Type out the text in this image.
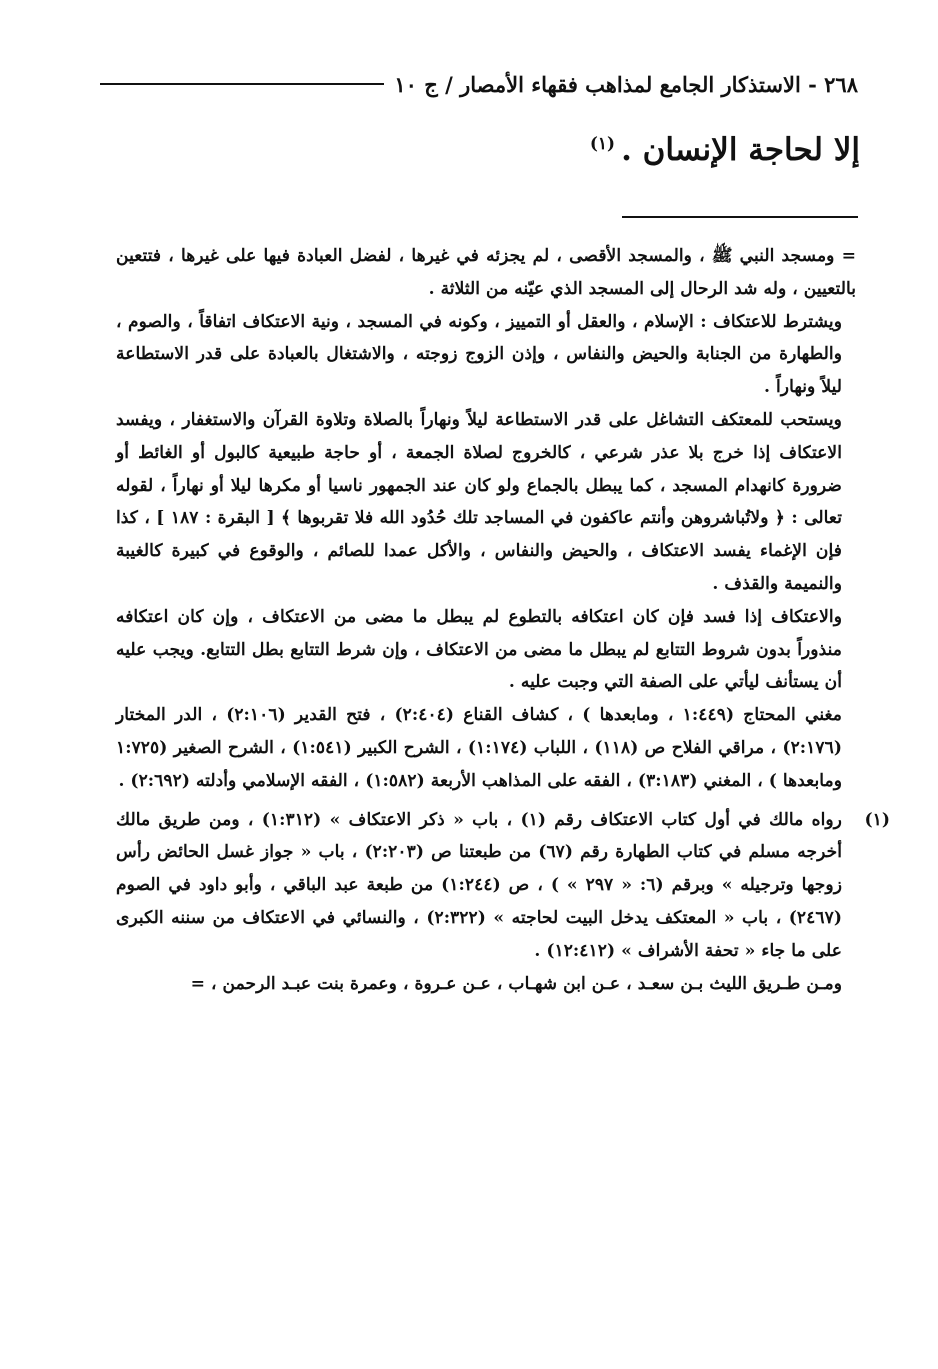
٢٦٨ - الاستذكار الجامع لمذاهب فقهاء الأمصار / ج ١٠
إلا لحاجة الإنسان .$^{(١)}$

= ومسجد النبي ﷺ ، والمسجد الأقصى ، لم يجزئه في غيرها ، لفضل العبادة فيها على غيرها ، فتتعين بالتعيين ، وله شد الرحال إلى المسجد الذي عيّنه من الثلاثة .

ويشترط للاعتكاف : الإسلام ، والعقل أو التمييز ، وكونه في المسجد ، ونية الاعتكاف اتفاقاً ، والصوم ، والطهارة من الجنابة والحيض والنفاس ، وإذن الزوج زوجته ، والاشتغال بالعبادة على قدر الاستطاعة ليلاً ونهاراً .

ويستحب للمعتكف التشاغل على قدر الاستطاعة ليلاً ونهاراً بالصلاة وتلاوة القرآن والاستغفار ، ويفسد الاعتكاف إذا خرج بلا عذر شرعي ، كالخروج لصلاة الجمعة ، أو حاجة طبيعية كالبول أو الغائط أو ضرورة كانهدام المسجد ، كما يبطل بالجماع ولو كان عند الجمهور ناسيا أو مكرها ليلا أو نهاراً ، لقوله تعالى : ﴿ ولاتُباشروهن وأنتم عاكفون في المساجد تلك حُدُود الله فلا تقربوها ﴾ [ البقرة : ١٨٧ ] ، كذا فإن الإغماء يفسد الاعتكاف ، والحيض والنفاس ، والأكل عمدا للصائم ، والوقوع في كبيرة كالغيبة والنميمة والقذف .

والاعتكاف إذا فسد فإن كان اعتكافه بالتطوع لم يبطل ما مضى من الاعتكاف ، وإن كان اعتكافه منذوراً بدون شروط التتابع لم يبطل ما مضى من الاعتكاف ، وإن شرط التتابع بطل التتابع. ويجب عليه أن يستأنف ليأتي على الصفة التي وجبت عليه .

مغني المحتاج (١:٤٤٩ ، ومابعدها ) ، كشاف القناع (٢:٤٠٤) ، فتح القدير (٢:١٠٦) ، الدر المختار (٢:١٧٦) ، مراقي الفلاح ص (١١٨) ، اللباب (١:١٧٤) ، الشرح الكبير (١:٥٤١) ، الشرح الصغير (١:٧٢٥ ومابعدها ) ، المغني (٣:١٨٣) ، الفقه على المذاهب الأربعة (١:٥٨٢) ، الفقه الإسلامي وأدلته (٢:٦٩٢) .

(١)
رواه مالك في أول كتاب الاعتكاف رقم (١) ، باب « ذكر الاعتكاف » (١:٣١٢) ، ومن طريق مالك أخرجه مسلم في كتاب الطهارة رقم (٦٧) من طبعتنا ص (٢:٢٠٣) ، باب « جواز غسل الحائض رأس زوجها وترجيله » وبرقم (٦: « ٢٩٧ » ) ، ص (١:٢٤٤) من طبعة عبد الباقي ، وأبو داود في الصوم (٢٤٦٧) ، باب « المعتكف يدخل البيت لحاجته » (٢:٣٢٢) ، والنسائي في الاعتكاف من سننه الكبرى على ما جاء « تحفة الأشراف » (١٢:٤١٢) .

ومـن طـريق الليث بـن سعـد ، عـن ابن شهـاب ، عـن عـروة ، وعمرة بنت عبـد الرحمن ، =
